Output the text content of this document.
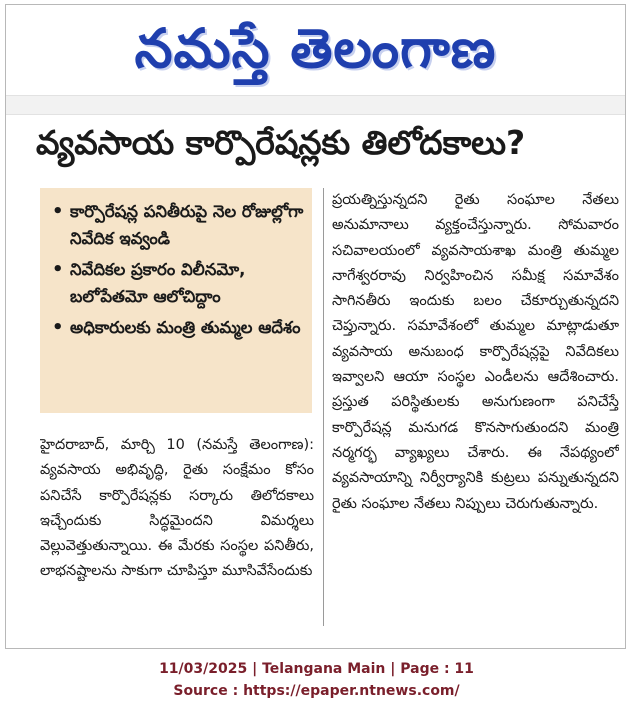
నమస్తే తెలంగాణ
వ్యవసాయ కార్పొరేషన్లకు తిలోదకాలు?
• కార్పొరేషన్ల పనితీరుపై నెల రోజుల్లోగా నివేదిక ఇవ్వండి
• నివేదికల ప్రకారం విలీనమో, బలోపేతమో ఆలోచిద్దాం
• అధికారులకు మంత్రి తుమ్మల ఆదేశం
హైదరాబాద్, మార్చి 10 (నమస్తే తెలంగాణ): వ్యవసాయ అభివృద్ధి, రైతు సంక్షేమం కోసం పనిచేసే కార్పొరేషన్లకు సర్కారు తిలోదకాలు ఇచ్చేందుకు సిద్ధమైందని విమర్శలు వెల్లువెత్తుతున్నాయి. ఈ మేరకు సంస్థల పనితీరు, లాభనష్టాలను సాకుగా చూపిస్తూ మూసివేసేందుకు
ప్రయత్నిస్తున్నదని రైతు సంఘాల నేతలు అనుమానాలు వ్యక్తంచేస్తున్నారు. సోమవారం సచివాలయంలో వ్యవసాయశాఖ మంత్రి తుమ్మల నాగేశ్వరరావు నిర్వహించిన సమీక్ష సమావేశం సాగినతీరు ఇందుకు బలం చేకూర్చుతున్నదని చెప్తున్నారు. సమావేశంలో తుమ్మల మాట్లాడుతూ వ్యవసాయ అనుబంధ కార్పొరేషన్లపై నివేదికలు ఇవ్వాలని ఆయా సంస్థల ఎండీలను ఆదేశించారు. ప్రస్తుత పరిస్థితులకు అనుగుణంగా పనిచేస్తే కార్పొరేషన్ల మనుగడ కొనసాగుతుందని మంత్రి నర్మగర్భ వ్యాఖ్యలు చేశారు. ఈ నేపథ్యంలో వ్యవసాయాన్ని నిర్వీర్యానికి కుట్రలు పన్నుతున్నదని రైతు సంఘాల నేతలు నిప్పులు చెరుగుతున్నారు.
11/03/2025 | Telangana Main | Page : 11
Source : https://epaper.ntnews.com/
